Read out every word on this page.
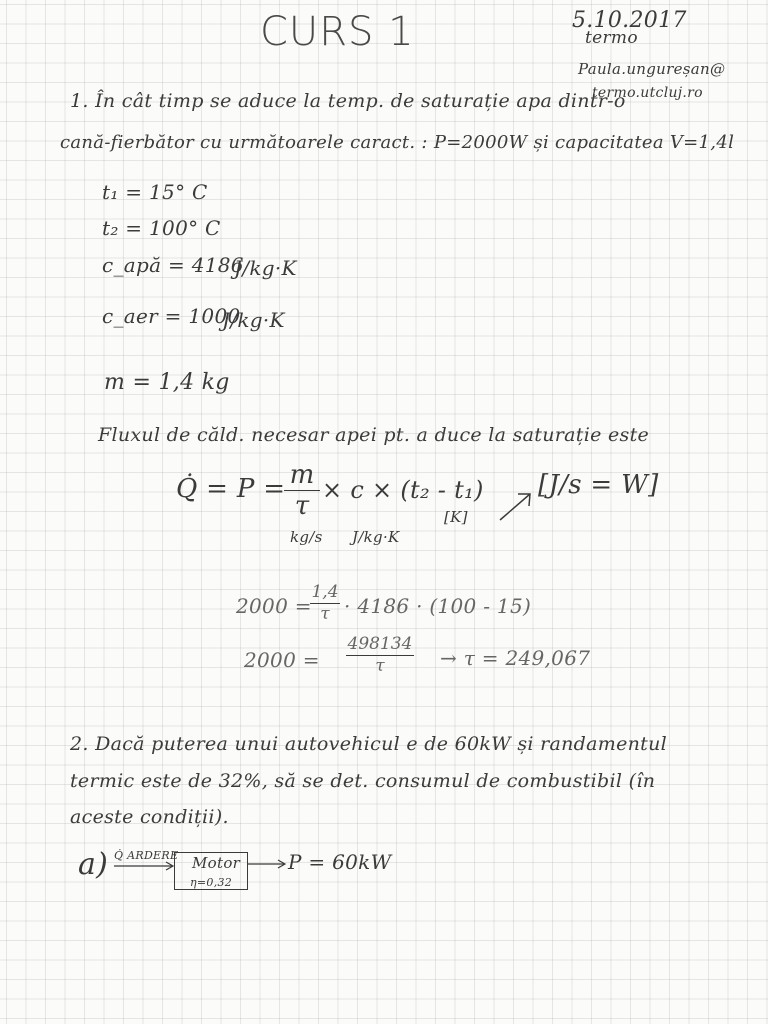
CURS 1	5.10.2017
termo
Paula.ungureșan@
termo.utcluj.ro
1. În cât timp se aduce la temp. de saturație apa dintr-o
cană-fierbător cu următoarele caract. : P=2000W și capacitatea V=1,4l
t₁ = 15° C
t₂ = 100° C
c_apă = 4186
J/kg·K
c_aer = 1000
J/kg·K
m = 1,4 kg
Fluxul de căld. necesar apei pt. a duce la saturație este
Q̇ = P = m
τ
× c × (t₂ - t₁)
kg/s J/kg·K
[K]
[J/s = W]
2000 =
1,4
τ · 4186 · (100 - 15)
2000 =
498134
τ	→ τ = 249,067
2. Dacă puterea unui autovehicul e de 60kW și randamentul
termic este de 32%, să se det. consumul de combustibil (în
aceste condiții).
a) Q̇ ARDERE Motor
η=0,32
P = 60kW
